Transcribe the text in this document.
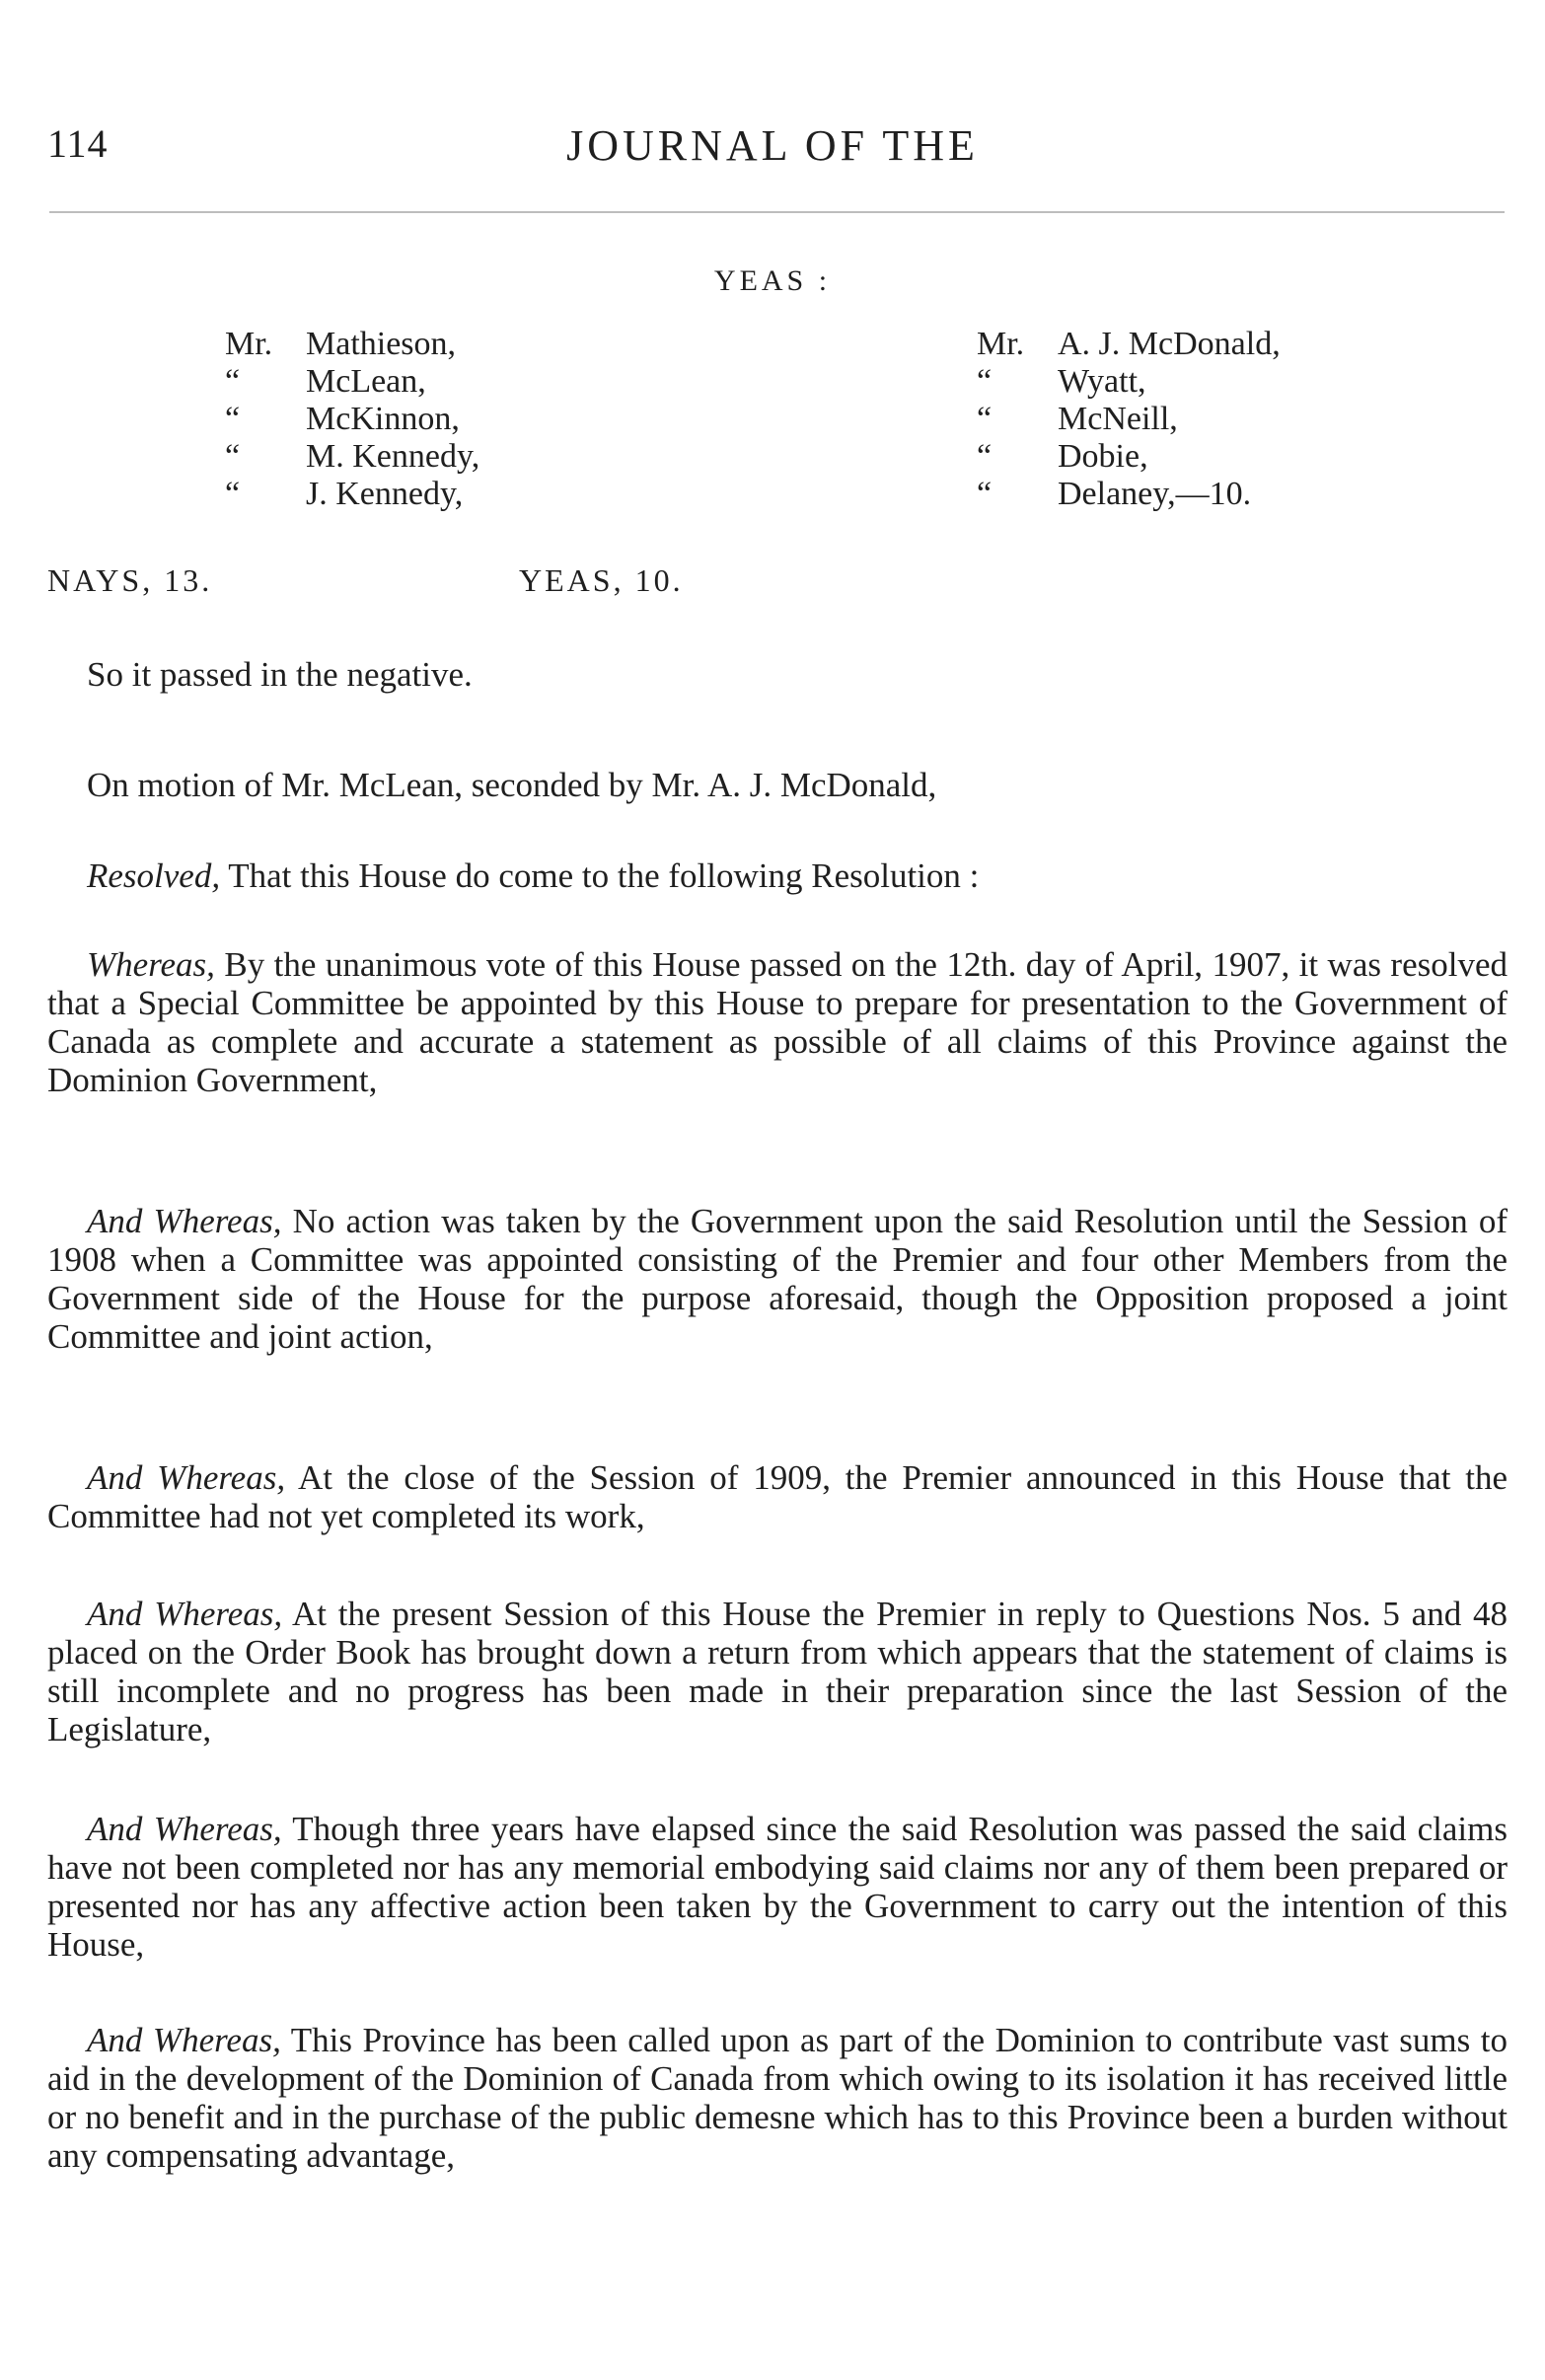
114	JOURNAL OF THE
YEAS :
Mr. Mathieson,
“ McLean,
“ McKinnon,
“ M. Kennedy,
“ J. Kennedy,
Mr. A. J. McDonald,
“ Wyatt,
“ McNeill,
“ Dobie,
“ Delaney,—10.
NAYS, 13.	YEAS, 10.
So it passed in the negative.
On motion of Mr. McLean, seconded by Mr. A. J. McDonald,
Resolved, That this House do come to the following Resolution :
Whereas, By the unanimous vote of this House passed on the 12th. day of April, 1907, it was resolved that a Special Committee be appointed by this House to prepare for presentation to the Government of Canada as complete and accurate a statement as possible of all claims of this Province against the Dominion Government,
And Whereas, No action was taken by the Government upon the said Resolution until the Session of 1908 when a Committee was appointed consisting of the Premier and four other Members from the Government side of the House for the purpose aforesaid, though the Opposition proposed a joint Committee and joint action,
And Whereas, At the close of the Session of 1909, the Premier announced in this House that the Committee had not yet completed its work,
And Whereas, At the present Session of this House the Premier in reply to Questions Nos. 5 and 48 placed on the Order Book has brought down a return from which appears that the statement of claims is still incomplete and no progress has been made in their preparation since the last Session of the Legislature,
And Whereas, Though three years have elapsed since the said Resolution was passed the said claims have not been completed nor has any memorial embodying said claims nor any of them been prepared or presented nor has any affective action been taken by the Government to carry out the intention of this House,
And Whereas, This Province has been called upon as part of the Dominion to contribute vast sums to aid in the development of the Dominion of Canada from which owing to its isolation it has received little or no benefit and in the purchase of the public demesne which has to this Province been a burden without any compensating advantage,
